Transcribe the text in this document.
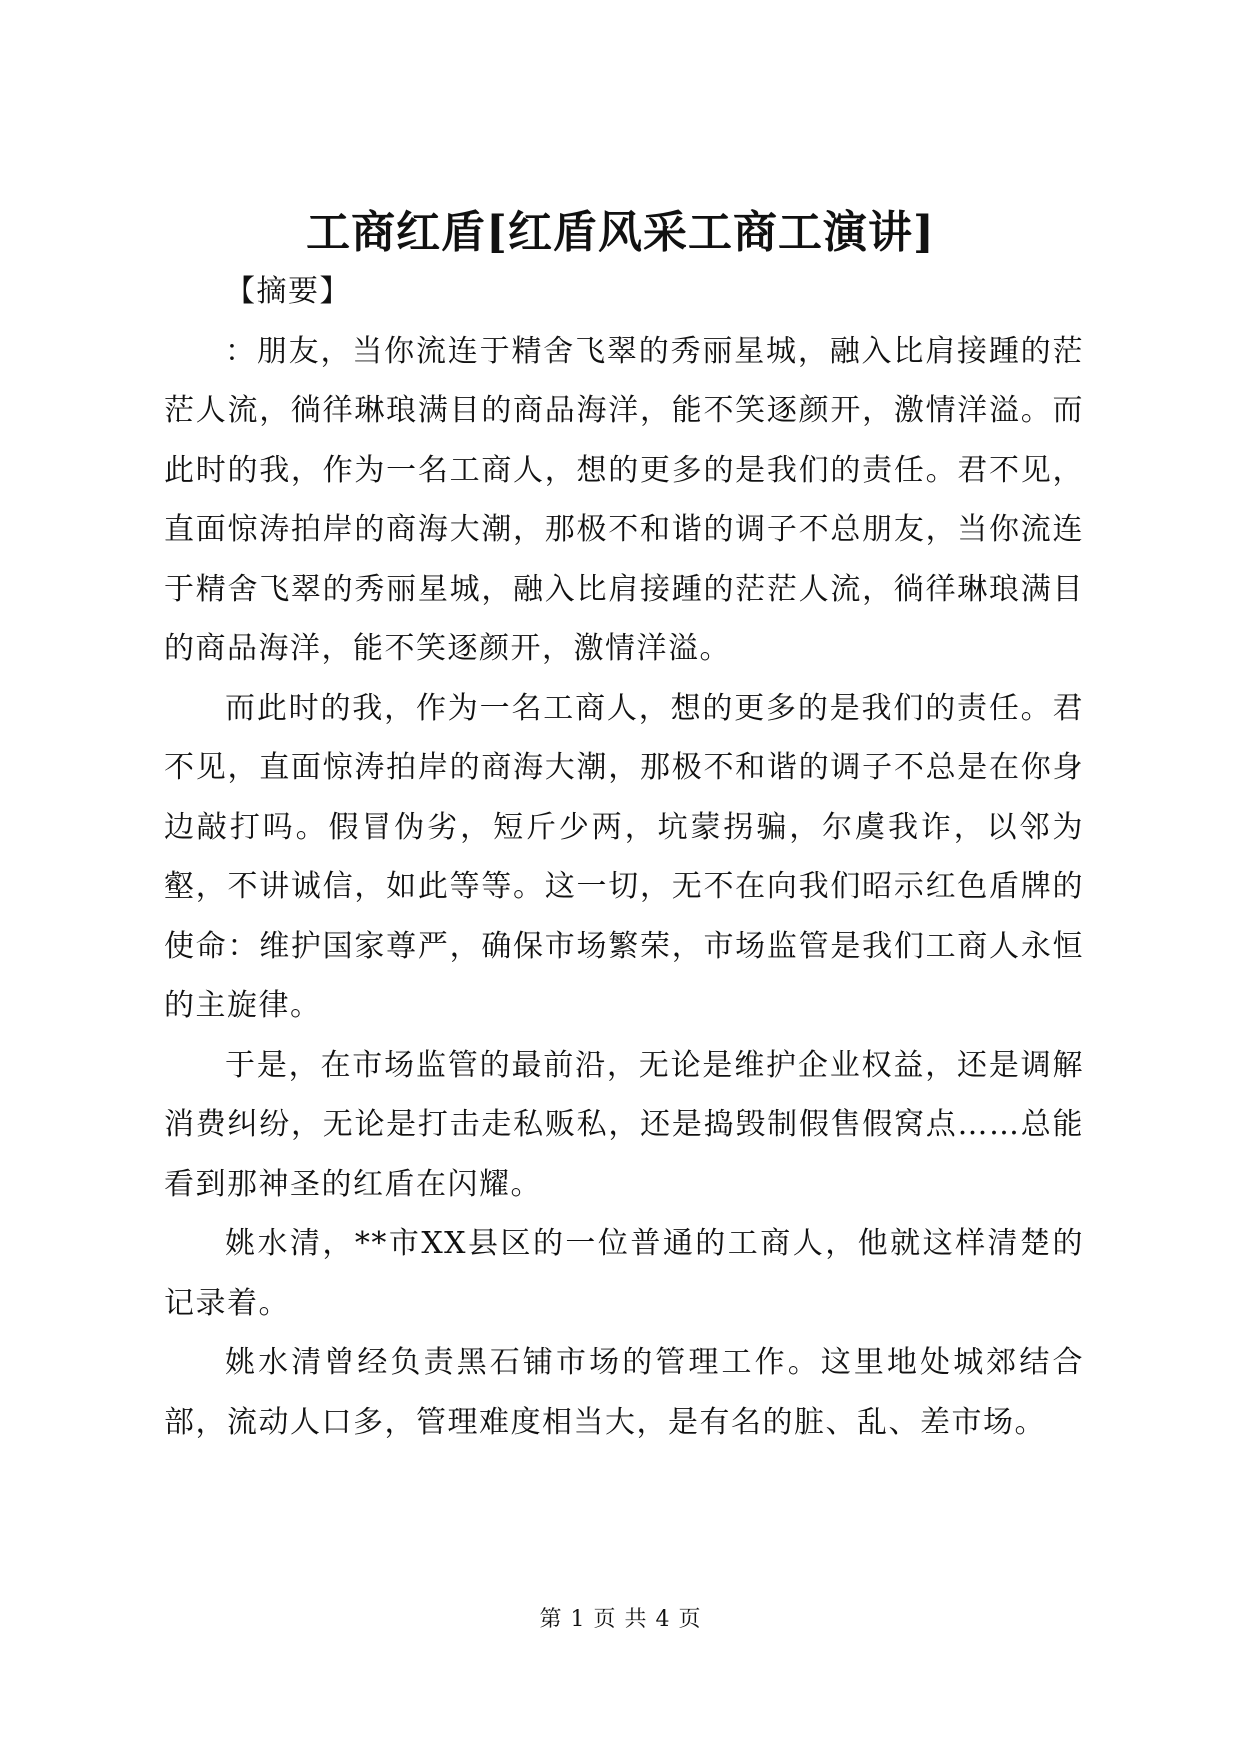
工商红盾[红盾风采工商工演讲]

【摘要】

：朋友，当你流连于精舍飞翠的秀丽星城，融入比肩接踵的茫茫人流，徜徉琳琅满目的商品海洋，能不笑逐颜开，激情洋溢。而此时的我，作为一名工商人，想的更多的是我们的责任。君不见，直面惊涛拍岸的商海大潮，那极不和谐的调子不总朋友，当你流连于精舍飞翠的秀丽星城，融入比肩接踵的茫茫人流，徜徉琳琅满目的商品海洋，能不笑逐颜开，激情洋溢。

而此时的我，作为一名工商人，想的更多的是我们的责任。君不见，直面惊涛拍岸的商海大潮，那极不和谐的调子不总是在你身边敲打吗。假冒伪劣，短斤少两，坑蒙拐骗，尔虞我诈，以邻为壑，不讲诚信，如此等等。这一切，无不在向我们昭示红色盾牌的使命：维护国家尊严，确保市场繁荣，市场监管是我们工商人永恒的主旋律。

于是，在市场监管的最前沿，无论是维护企业权益，还是调解消费纠纷，无论是打击走私贩私，还是捣毁制假售假窝点……总能看到那神圣的红盾在闪耀。

姚水清，**市XX县区的一位普通的工商人，他就这样清楚的记录着。

姚水清曾经负责黑石铺市场的管理工作。这里地处城郊结合部，流动人口多，管理难度相当大，是有名的脏、乱、差市场。

第 1 页 共 4 页
